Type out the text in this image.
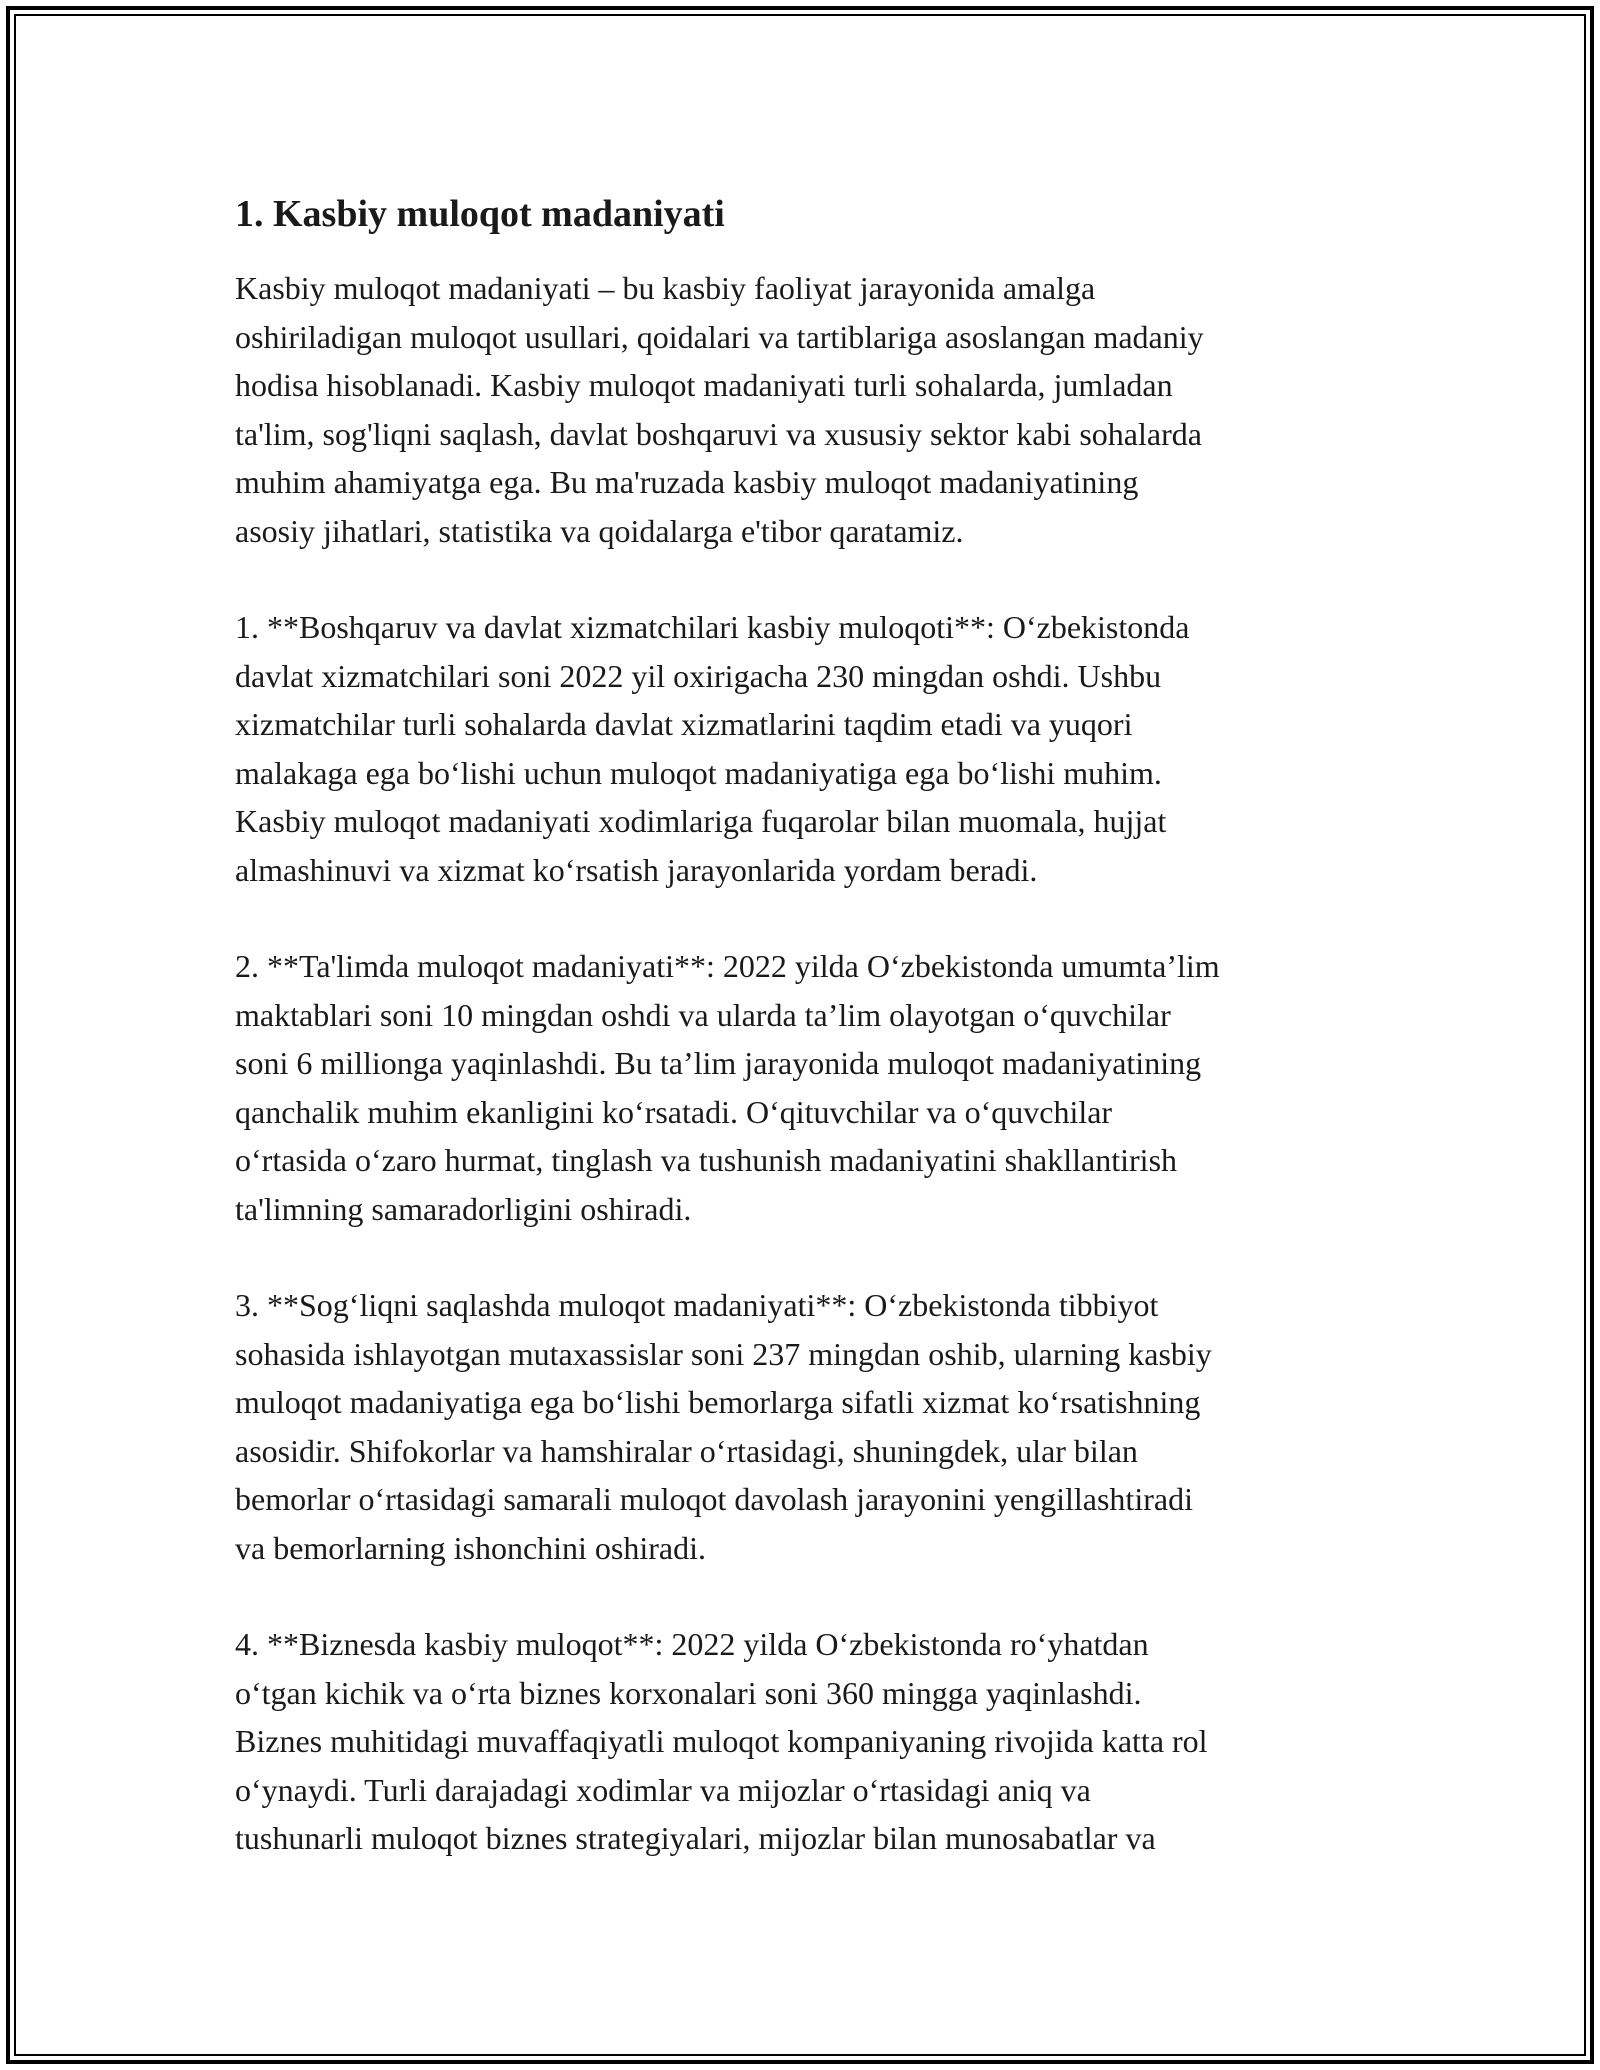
1. Kasbiy muloqot madaniyati

Kasbiy muloqot madaniyati – bu kasbiy faoliyat jarayonida amalga
oshiriladigan muloqot usullari, qoidalari va tartiblariga asoslangan madaniy
hodisa hisoblanadi. Kasbiy muloqot madaniyati turli sohalarda, jumladan
ta'lim, sog'liqni saqlash, davlat boshqaruvi va xususiy sektor kabi sohalarda
muhim ahamiyatga ega. Bu ma'ruzada kasbiy muloqot madaniyatining
asosiy jihatlari, statistika va qoidalarga e'tibor qaratamiz.

1. **Boshqaruv va davlat xizmatchilari kasbiy muloqoti**: O‘zbekistonda
davlat xizmatchilari soni 2022 yil oxirigacha 230 mingdan oshdi. Ushbu
xizmatchilar turli sohalarda davlat xizmatlarini taqdim etadi va yuqori
malakaga ega bo‘lishi uchun muloqot madaniyatiga ega bo‘lishi muhim.
Kasbiy muloqot madaniyati xodimlariga fuqarolar bilan muomala, hujjat
almashinuvi va xizmat ko‘rsatish jarayonlarida yordam beradi.

2. **Ta'limda muloqot madaniyati**: 2022 yilda O‘zbekistonda umumta’lim
maktablari soni 10 mingdan oshdi va ularda ta’lim olayotgan o‘quvchilar
soni 6 millionga yaqinlashdi. Bu ta’lim jarayonida muloqot madaniyatining
qanchalik muhim ekanligini ko‘rsatadi. O‘qituvchilar va o‘quvchilar
o‘rtasida o‘zaro hurmat, tinglash va tushunish madaniyatini shakllantirish
ta'limning samaradorligini oshiradi.

3. **Sog‘liqni saqlashda muloqot madaniyati**: O‘zbekistonda tibbiyot
sohasida ishlayotgan mutaxassislar soni 237 mingdan oshib, ularning kasbiy
muloqot madaniyatiga ega bo‘lishi bemorlarga sifatli xizmat ko‘rsatishning
asosidir. Shifokorlar va hamshiralar o‘rtasidagi, shuningdek, ular bilan
bemorlar o‘rtasidagi samarali muloqot davolash jarayonini yengillashtiradi
va bemorlarning ishonchini oshiradi.

4. **Biznesda kasbiy muloqot**: 2022 yilda O‘zbekistonda ro‘yhatdan
o‘tgan kichik va o‘rta biznes korxonalari soni 360 mingga yaqinlashdi.
Biznes muhitidagi muvaffaqiyatli muloqot kompaniyaning rivojida katta rol
o‘ynaydi. Turli darajadagi xodimlar va mijozlar o‘rtasidagi aniq va
tushunarli muloqot biznes strategiyalari, mijozlar bilan munosabatlar va
